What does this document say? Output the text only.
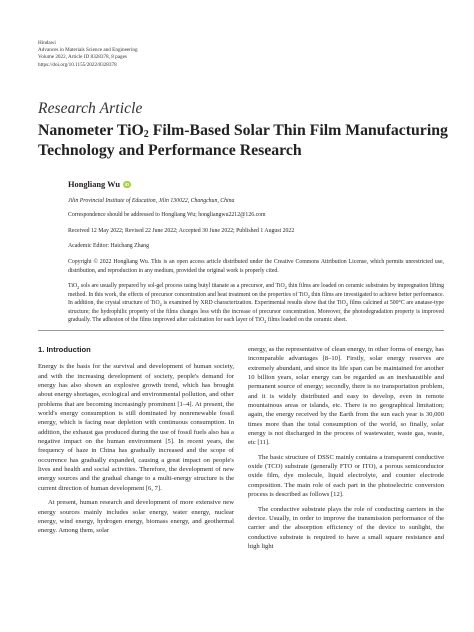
Hindawi
Advances in Materials Science and Engineering
Volume 2022, Article ID 8328378, 8 pages
https://doi.org/10.1155/2022/8328378
Research Article
Nanometer TiO$_2$ Film-Based Solar Thin Film Manufacturing
Technology and Performance Research
Hongliang Wu	iD
Jilin Provincial Institute of Education, Jilin 130022, Changchun, China
Correspondence should be addressed to Hongliang Wu; hongliangwu2212@126.com
Received 12 May 2022; Revised 22 June 2022; Accepted 30 June 2022; Published 1 August 2022
Academic Editor: Haichang Zhang
Copyright © 2022 Hongliang Wu. This is an open access article distributed under the Creative Commons Attribution License, which permits unrestricted use, distribution, and reproduction in any medium, provided the original work is properly cited.
TiO$_2$ sols are usually prepared by sol-gel process using butyl titanate as a precursor, and TiO$_2$ thin films are loaded on ceramic substrates by impregnation lifting method. In this work, the effects of precursor concentration and heat treatment on the properties of TiO$_2$ thin films are investigated to achieve better performance. In addition, the crystal structure of TiO$_2$ is examined by XRD characterization. Experimental results show that the TiO$_2$ films calcined at 500°C are anatase-type structure; the hydrophilic property of the films changes less with the increase of precursor concentration. Moreover, the photodegradation property is improved gradually. The adhesion of the films improved after calcination for each layer of TiO$_2$ films loaded on the ceramic sheet.
1. Introduction

Energy is the basis for the survival and development of human society, and with the increasing development of society, people's demand for energy has also shown an explosive growth trend, which has brought about energy shortages, ecological and environmental pollution, and other problems that are becoming increasingly prominent [1–4]. At present, the world's energy consumption is still dominated by nonrenewable fossil energy, which is facing near depletion with continuous consumption. In addition, the exhaust gas produced during the use of fossil fuels also has a negative impact on the human environment [5]. In recent years, the frequency of haze in China has gradually increased and the scope of occurrence has gradually expanded, causing a great impact on people's lives and health and social activities. Therefore, the development of new energy sources and the gradual change to a multi-energy structure is the current direction of human development [6, 7].

At present, human research and development of more extensive new energy sources mainly includes solar energy, water energy, nuclear energy, wind energy, hydrogen energy, biomass energy, and geothermal energy. Among them, solar

energy, as the representative of clean energy, in other forms of energy, has incomparable advantages [8–10]. Firstly, solar energy reserves are extremely abundant, and since its life span can be maintained for another 10 billion years, solar energy can be regarded as an inexhaustible and permanent source of energy; secondly, there is no transportation problem, and it is widely distributed and easy to develop, even in remote mountainous areas or islands, etc. There is no geographical limitation; again, the energy received by the Earth from the sun each year is 30,000 times more than the total consumption of the world, so finally, solar energy is not discharged in the process of wastewater, waste gas, waste, etc [11].

The basic structure of DSSC mainly contains a transparent conductive oxide (TCO) substrate (generally FTO or ITO), a porous semiconductor oxide film, dye molecule, liquid electrolyte, and counter electrode composition. The main role of each part in the photoelectric conversion process is described as follows [12].

The conductive substrate plays the role of conducting carriers in the device. Usually, in order to improve the transmission performance of the carrier and the absorption efficiency of the device to sunlight, the conductive substrate is required to have a small square resistance and high light
